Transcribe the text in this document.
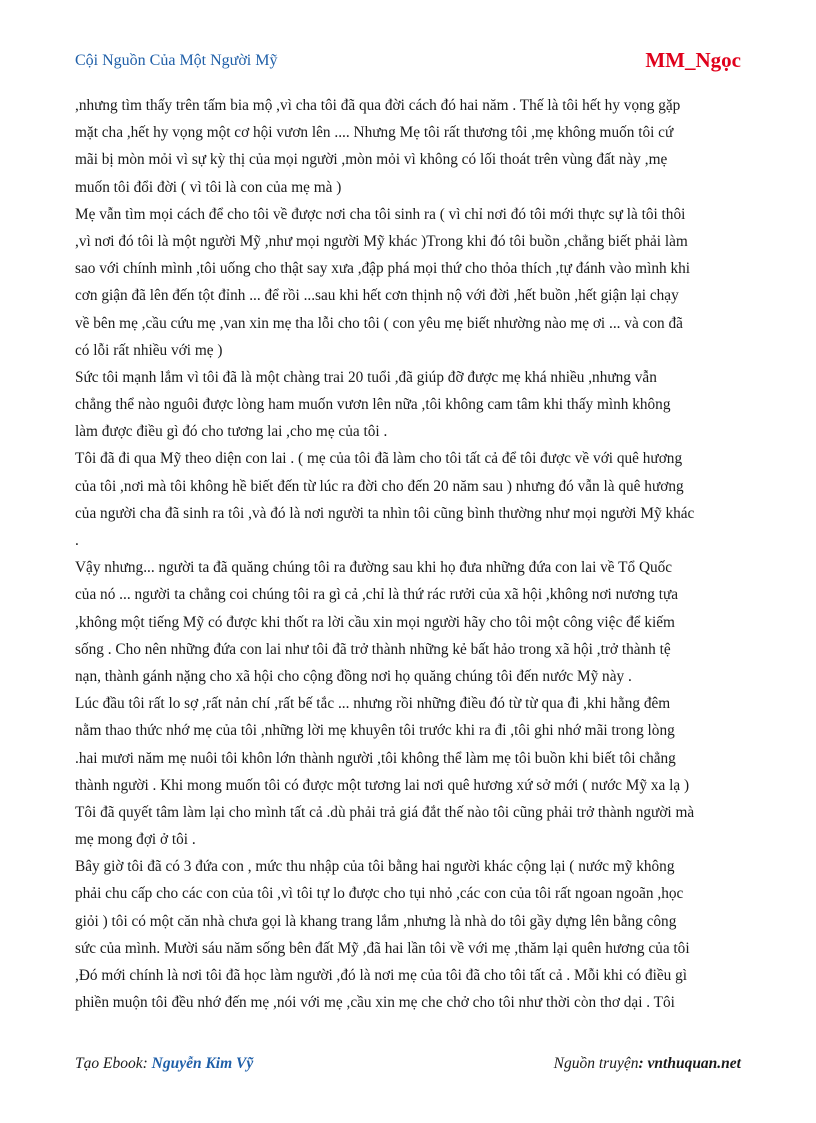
Cội Nguồn Của Một Người Mỹ	MM_Ngọc
,nhưng tìm thấy trên tấm bia mộ ,vì cha tôi đã qua đời cách đó hai năm . Thế là tôi hết hy vọng gặp
mặt cha ,hết hy vọng một cơ hội vươn lên .... Nhưng Mẹ tôi rất thương tôi ,mẹ không muốn tôi cứ
mãi bị mòn mỏi vì sự kỳ thị của mọi người ,mòn mỏi vì không có lối thoát trên vùng đất này ,mẹ
muốn tôi đổi đời ( vì tôi là con của mẹ mà )
Mẹ vẫn tìm mọi cách để cho tôi về được nơi cha tôi sinh ra ( vì chỉ nơi đó tôi mới thực sự là tôi thôi
,vì nơi đó tôi là một người Mỹ ,như mọi người Mỹ khác )Trong khi đó tôi buồn ,chẳng biết phải làm
sao với chính mình ,tôi uống cho thật say xưa ,đập phá mọi thứ cho thỏa thích ,tự đánh vào mình khi
cơn giận đã lên đến tột đỉnh ... để rồi ...sau khi hết cơn thịnh nộ với đời ,hết buồn ,hết giận lại chạy
về bên mẹ ,cầu cứu mẹ ,van xin mẹ tha lỗi cho tôi ( con yêu mẹ biết nhường nào mẹ ơi ... và con đã
có lỗi rất nhiều với mẹ )
Sức tôi mạnh lắm vì tôi đã là một chàng trai 20 tuổi ,đã giúp đỡ được mẹ khá nhiều ,nhưng vẫn
chẳng thể nào nguôi được lòng ham muốn vươn lên nữa ,tôi không cam tâm khi thấy mình không
làm được điều gì đó cho tương lai ,cho mẹ của tôi .
Tôi đã đi qua Mỹ theo diện con lai . ( mẹ của tôi đã làm cho tôi tất cả để tôi được về với quê hương
của tôi ,nơi mà tôi không hề biết đến từ lúc ra đời cho đến 20 năm sau ) nhưng đó vẫn là quê hương
của người cha đã sinh ra tôi ,và đó là nơi người ta nhìn tôi cũng bình thường như mọi người Mỹ khác
.
Vậy nhưng... người ta đã quăng chúng tôi ra đường sau khi họ đưa những đứa con lai về Tổ Quốc
của nó ... người ta chẳng coi chúng tôi ra gì cả ,chỉ là thứ rác rưởi của xã hội ,không nơi nương tựa
,không một tiếng Mỹ có được khi thốt ra lời cầu xin mọi người hãy cho tôi một công việc để kiếm
sống . Cho nên những đứa con lai như tôi đã trở thành những kẻ bất hảo trong xã hội ,trở thành tệ
nạn, thành gánh nặng cho xã hội cho cộng đồng nơi họ quăng chúng tôi đến nước Mỹ này .
Lúc đầu tôi rất lo sợ ,rất nản chí ,rất bế tắc ... nhưng rồi những điều đó từ từ qua đi ,khi hằng đêm
nằm thao thức nhớ mẹ của tôi ,những lời mẹ khuyên tôi trước khi ra đi ,tôi ghi nhớ mãi trong lòng
.hai mươi năm mẹ nuôi tôi khôn lớn thành người ,tôi không thể làm mẹ tôi buồn khi biết tôi chẳng
thành người . Khi mong muốn tôi có được một tương lai nơi quê hương xứ sở mới ( nước Mỹ xa lạ )
Tôi đã quyết tâm làm lại cho mình tất cả .dù phải trả giá đắt thế nào tôi cũng phải trở thành người mà
mẹ mong đợi ở tôi .
Bây giờ tôi đã có 3 đứa con , mức thu nhập của tôi bằng hai người khác cộng lại ( nước mỹ không
phải chu cấp cho các con của tôi ,vì tôi tự lo được cho tụi nhỏ ,các con của tôi rất ngoan ngoãn ,học
giỏi ) tôi có một căn nhà chưa gọi là khang trang lắm ,nhưng là nhà do tôi gầy dựng lên bằng công
sức của mình. Mười sáu năm sống bên đất Mỹ ,đã hai lần tôi về với mẹ ,thăm lại quên hương của tôi
,Đó mới chính là nơi tôi đã học làm người ,đó là nơi mẹ của tôi đã cho tôi tất cả . Mỗi khi có điều gì
phiền muộn tôi đều nhớ đến mẹ ,nói với mẹ ,cầu xin mẹ che chở cho tôi như thời còn thơ dại . Tôi
Tạo Ebook: Nguyễn Kim Vỹ	Nguồn truyện: vnthuquan.net
